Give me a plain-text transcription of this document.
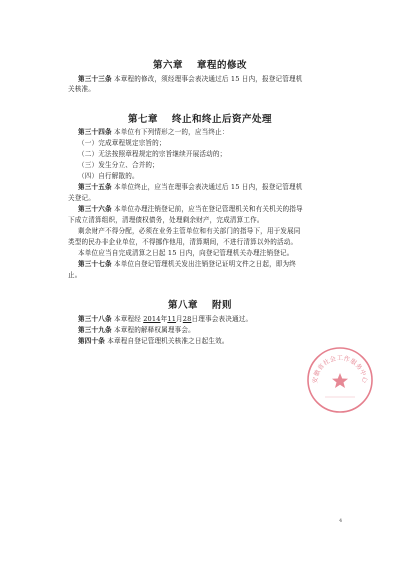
第六章 章程的修改
第三十三条 本章程的修改，须经理事会表决通过后 15 日内，报登记管理机
关核准。
第七章 终止和终止后资产处理
第三十四条 本单位有下列情形之一的，应当终止：
（一）完成章程规定宗旨的；
（二）无法按照章程规定的宗旨继续开展活动的；
（三）发生分立、合并的；
（四）自行解散的。
第三十五条 本单位终止，应当在理事会表决通过后 15 日内，报登记管理机
关登记。
第三十六条 本单位办理注销登记前，应当在登记管理机关和有关机关的指导
下成立清算组织，清理债权债务，处理剩余财产，完成清算工作。
剩余财产不得分配，必须在业务主管单位和有关部门的指导下，用于发展同
类型的民办非企业单位，不得挪作他用，清算期间，不进行清算以外的活动。
本单位应当自完成清算之日起 15 日内，向登记管理机关办理注销登记。
第三十七条 本单位自登记管理机关发出注销登记证明文件之日起，即为终
止。
第八章 附则
第三十八条 本章程经 2014年11月28日理事会表决通过。
第三十九条 本章程的解释权属理事会。
第四十条 本章程自登记管理机关核准之日起生效。
安徽省社会工作服务中心
4
